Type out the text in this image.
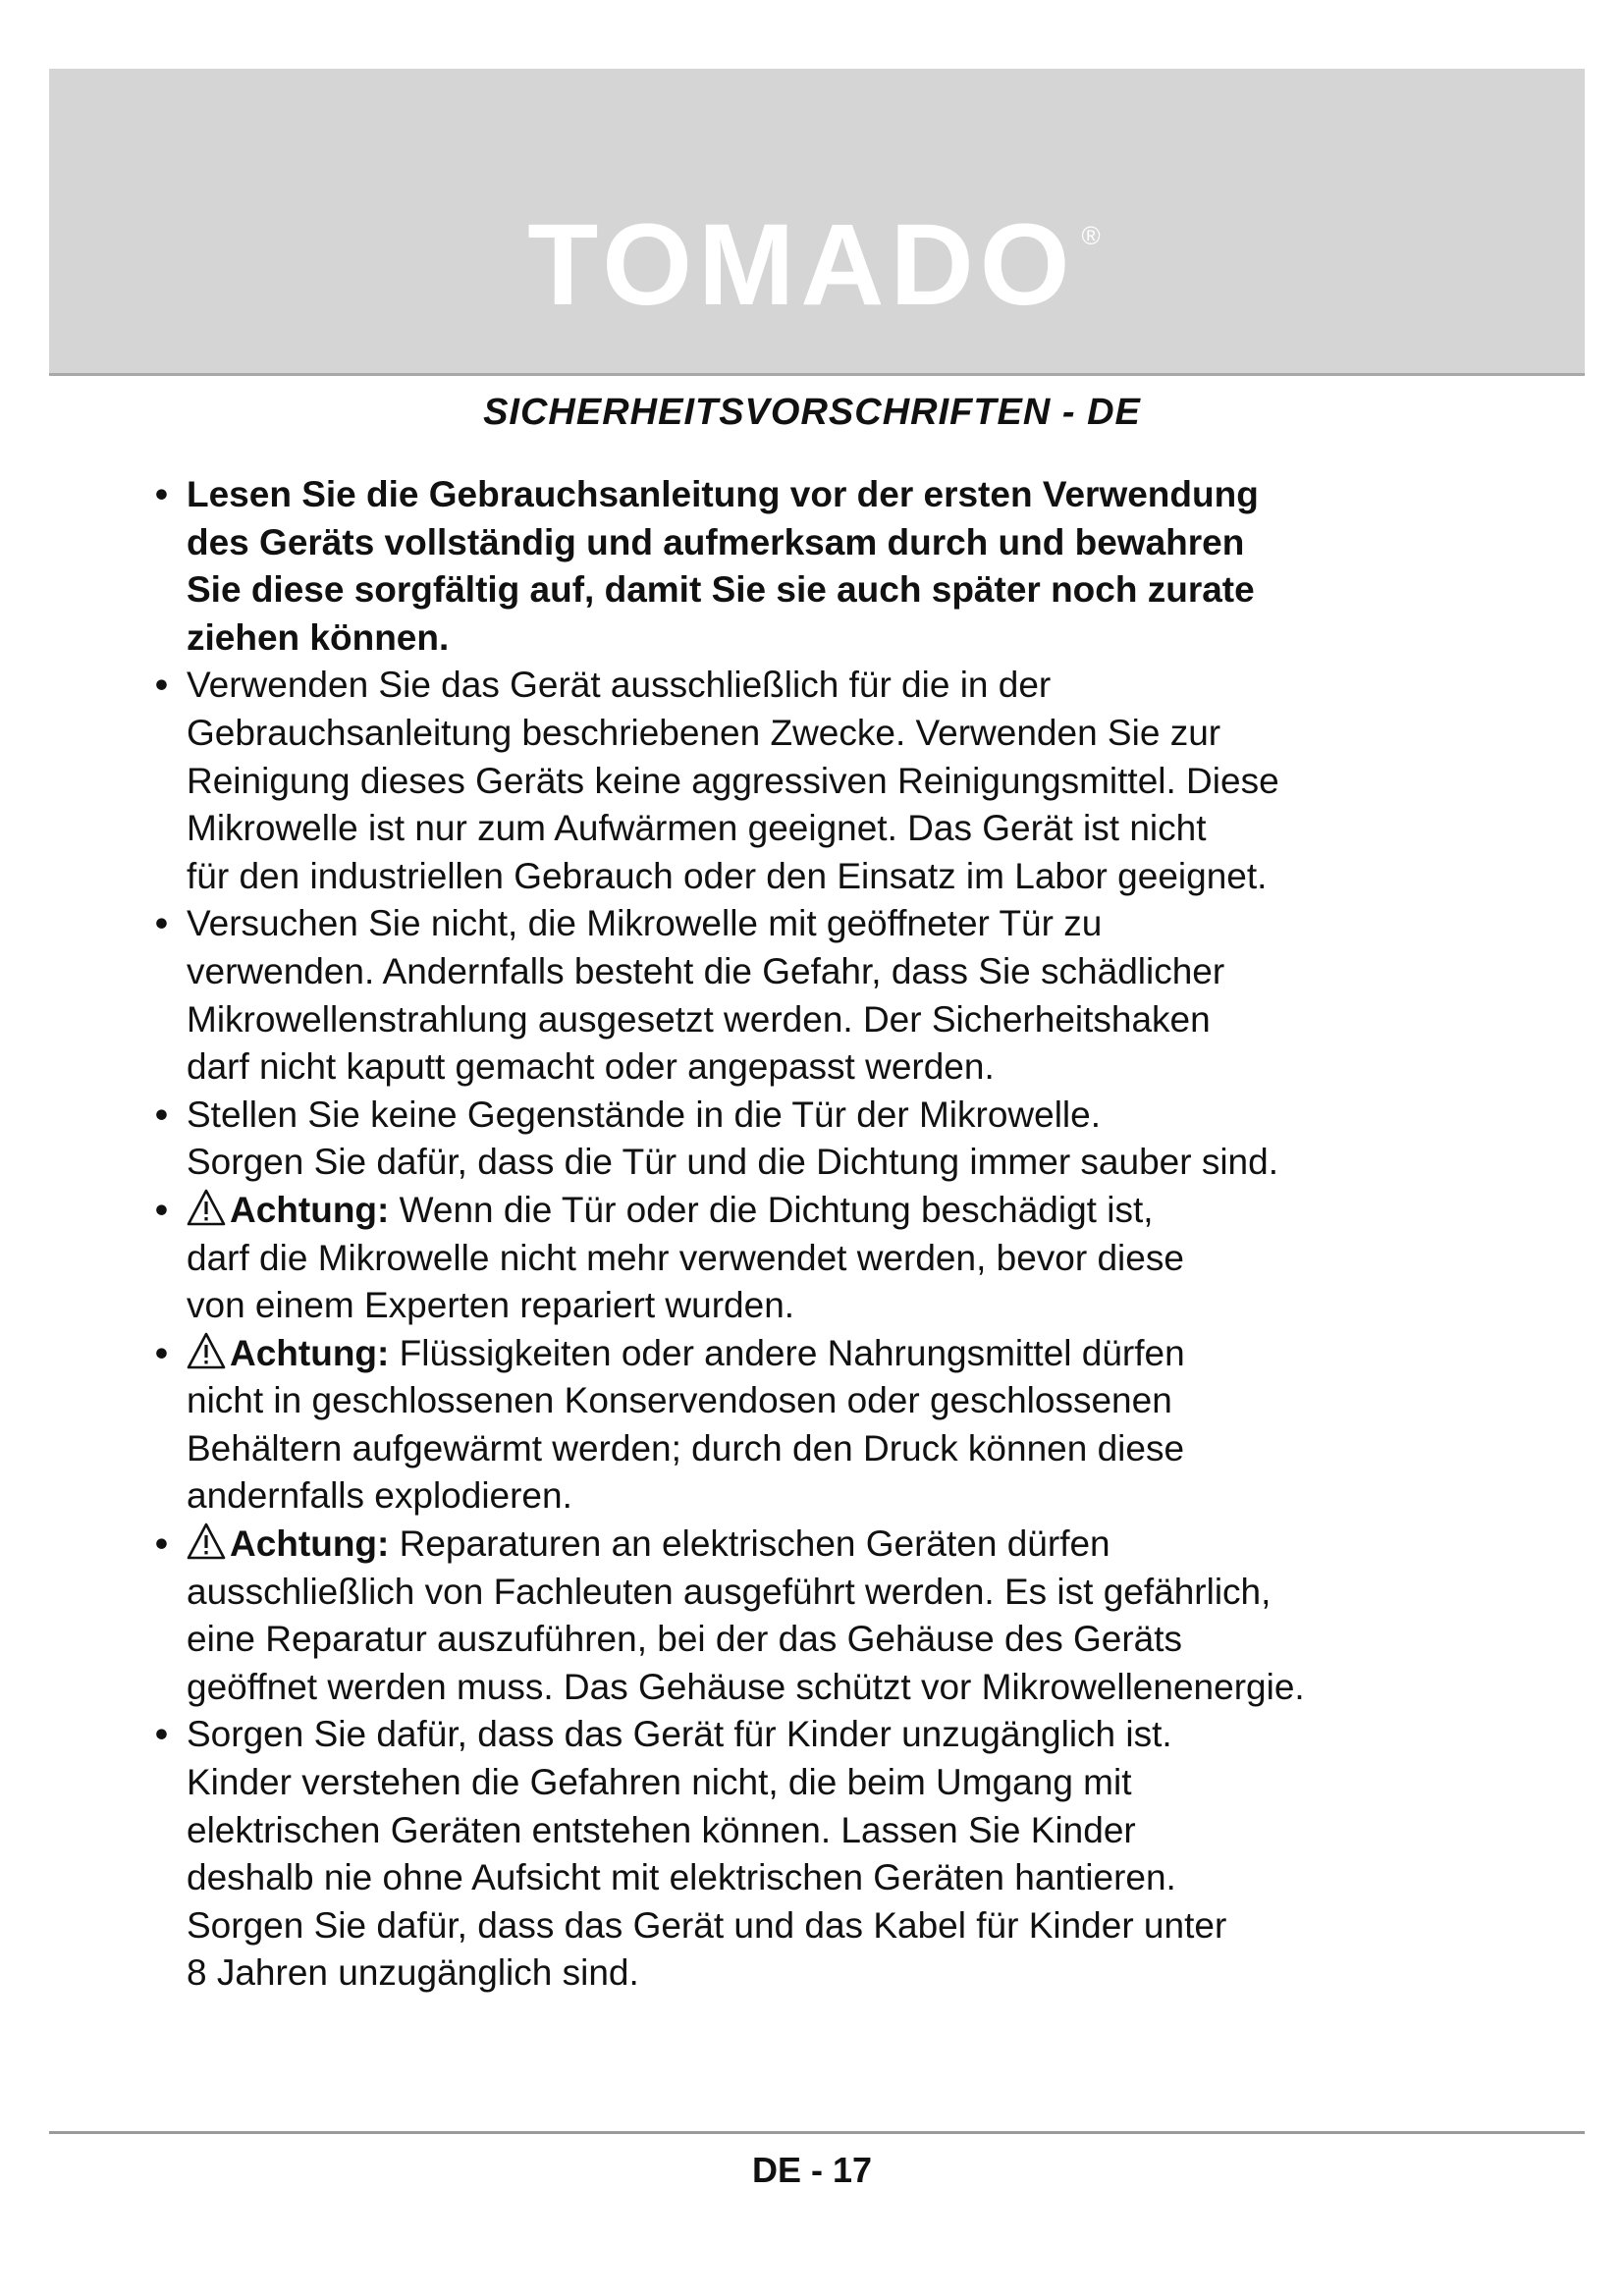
TOMADO ®
SICHERHEITSVORSCHRIFTEN - DE
• Lesen Sie die Gebrauchsanleitung vor der ersten Verwendung
des Geräts vollständig und aufmerksam durch und bewahren
Sie diese sorgfältig auf, damit Sie sie auch später noch zurate
ziehen können.
• Verwenden Sie das Gerät ausschließlich für die in der
Gebrauchsanleitung beschriebenen Zwecke. Verwenden Sie zur
Reinigung dieses Geräts keine aggressiven Reinigungsmittel. Diese
Mikrowelle ist nur zum Aufwärmen geeignet. Das Gerät ist nicht
für den industriellen Gebrauch oder den Einsatz im Labor geeignet.
• Versuchen Sie nicht, die Mikrowelle mit geöffneter Tür zu
verwenden. Andernfalls besteht die Gefahr, dass Sie schädlicher
Mikrowellenstrahlung ausgesetzt werden. Der Sicherheitshaken
darf nicht kaputt gemacht oder angepasst werden.
• Stellen Sie keine Gegenstände in die Tür der Mikrowelle.
Sorgen Sie dafür, dass die Tür und die Dichtung immer sauber sind.
•	Achtung: Wenn die Tür oder die Dichtung beschädigt ist,
darf die Mikrowelle nicht mehr verwendet werden, bevor diese
von einem Experten repariert wurden.
•	Achtung: Flüssigkeiten oder andere Nahrungsmittel dürfen
nicht in geschlossenen Konservendosen oder geschlossenen
Behältern aufgewärmt werden; durch den Druck können diese
andernfalls explodieren.
•	Achtung: Reparaturen an elektrischen Geräten dürfen
ausschließlich von Fachleuten ausgeführt werden. Es ist gefährlich,
eine Reparatur auszuführen, bei der das Gehäuse des Geräts
geöffnet werden muss. Das Gehäuse schützt vor Mikrowellenenergie.
• Sorgen Sie dafür, dass das Gerät für Kinder unzugänglich ist.
Kinder verstehen die Gefahren nicht, die beim Umgang mit
elektrischen Geräten entstehen können. Lassen Sie Kinder
deshalb nie ohne Aufsicht mit elektrischen Geräten hantieren.
Sorgen Sie dafür, dass das Gerät und das Kabel für Kinder unter
8 Jahren unzugänglich sind.
DE - 17
